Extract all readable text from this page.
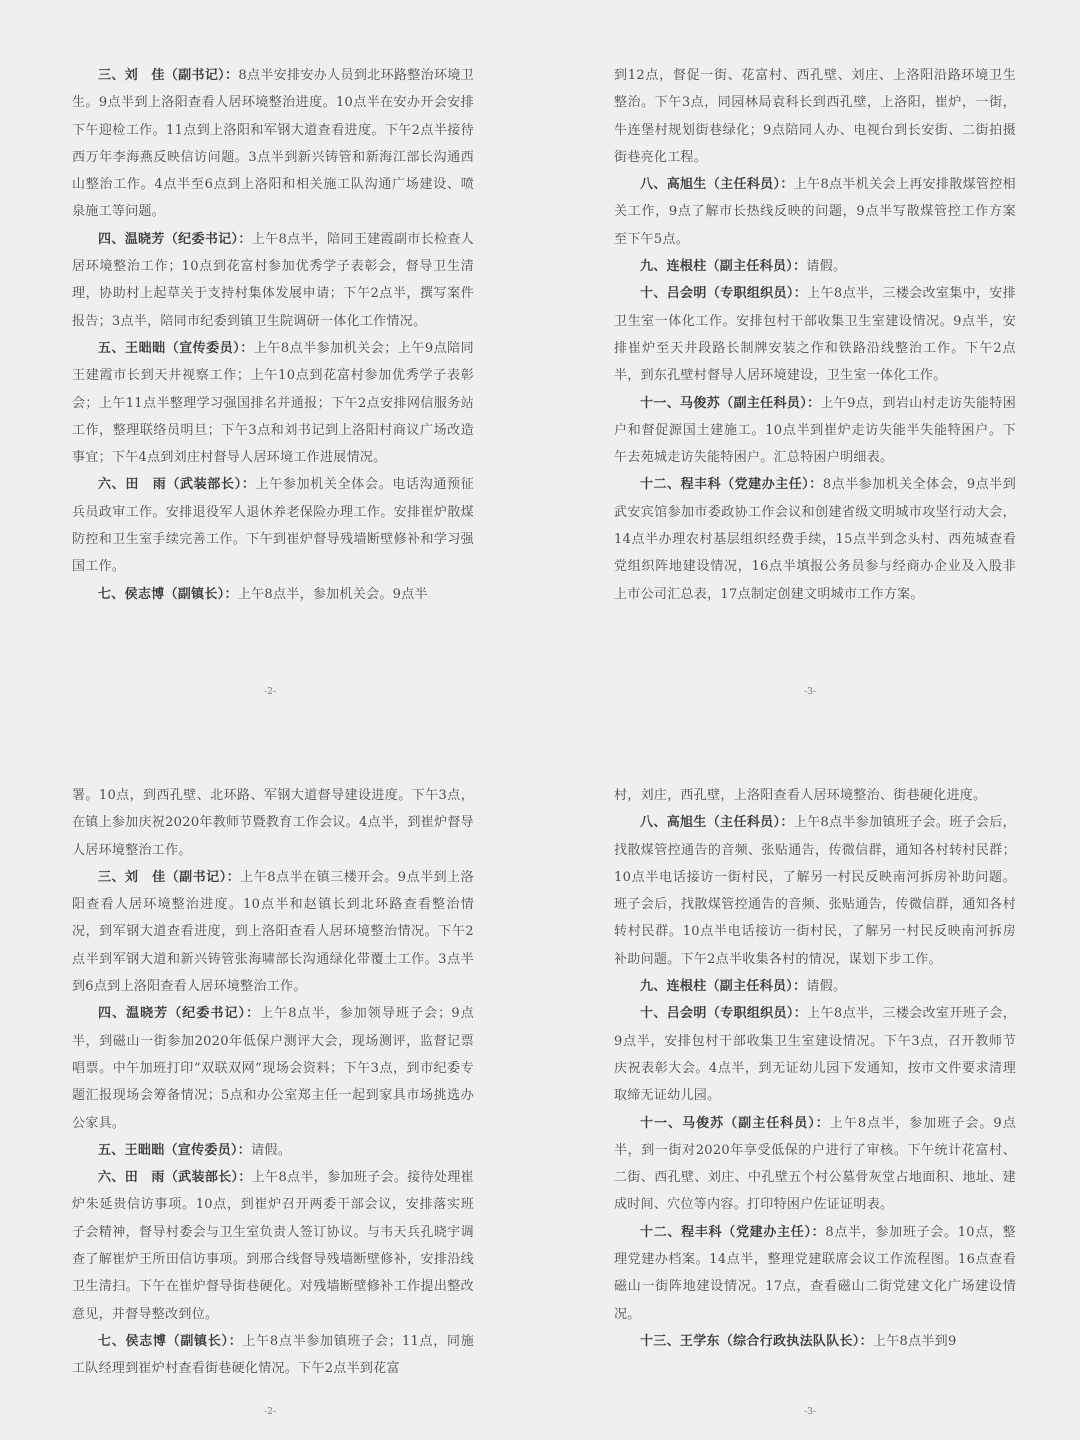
三、刘　佳（副书记）：8点半安排安办人员到北环路整治环境卫生。9点半到上洛阳查看人居环境整治进度。10点半在安办开会安排下午迎检工作。11点到上洛阳和军钢大道查看进度。下午2点半接待西万年李海燕反映信访问题。3点半到新兴铸管和新海江部长沟通西山整治工作。4点半至6点到上洛阳和相关施工队沟通广场建设、喷泉施工等问题。

四、温晓芳（纪委书记）：上午8点半，陪同王建霞副市长检查人居环境整治工作；10点到花富村参加优秀学子表彰会，督导卫生清理，协助村上起草关于支持村集体发展申请；下午2点半，撰写案件报告；3点半，陪同市纪委到镇卫生院调研一体化工作情况。

五、王昢昢（宣传委员）：上午8点半参加机关会；上午9点陪同王建霞市长到天井视察工作；上午10点到花富村参加优秀学子表彰会；上午11点半整理学习强国排名并通报；下午2点安排网信服务站工作，整理联络员明旦；下午3点和刘书记到上洛阳村商议广场改造事宜；下午4点到刘庄村督导人居环境工作进展情况。

六、田　雨（武装部长）：上午参加机关全体会。电话沟通预征兵员政审工作。安排退役军人退休养老保险办理工作。安排崔炉散煤防控和卫生室手续完善工作。下午到崔炉督导残墙断壁修补和学习强国工作。

七、侯志博（副镇长）：上午8点半，参加机关会。9点半

-2-

到12点，督促一街、花富村、西孔壁、刘庄、上洛阳沿路环境卫生整治。下午3点，同园林局袁科长到西孔壁，上洛阳，崔炉，一街，牛连堡村规划街巷绿化；9点陪同人办、电视台到长安街、二街拍摄街巷亮化工程。

八、高旭生（主任科员）：上午8点半机关会上再安排散煤管控相关工作，9点了解市长热线反映的问题，9点半写散煤管控工作方案至下午5点。

九、连根柱（副主任科员）：请假。

十、吕会明（专职组织员）：上午8点半，三楼会改室集中，安排卫生室一体化工作。安排包村干部收集卫生室建设情况。9点半，安排崔炉至天井段路长制牌安装之作和铁路沿线整治工作。下午2点半，到东孔壁村督导人居环境建设，卫生室一体化工作。

十一、马俊苏（副主任科员）：上午9点，到岩山村走访失能特困户和督促源国土建施工。10点半到崔炉走访失能半失能特困户。下午去苑城走访失能特困户。汇总特困户明细表。

十二、程丰科（党建办主任）：8点半参加机关全体会，9点半到武安宾馆参加市委政协工作会议和创建省级文明城市攻坚行动大会，14点半办理农村基层组织经费手续，15点半到念头村、西苑城查看党组织阵地建设情况，16点半填报公务员参与经商办企业及入股非上市公司汇总表，17点制定创建文明城市工作方案。

-3-

署。10点，到西孔壁、北环路、军钢大道督导建设进度。下午3点，在镇上参加庆祝2020年教师节暨教育工作会议。4点半，到崔炉督导人居环境整治工作。

三、刘　佳（副书记）：上午8点半在镇三楼开会。9点半到上洛阳查看人居环境整治进度。10点半和赵镇长到北环路查看整治情况，到军钢大道查看进度，到上洛阳查看人居环境整治情况。下午2点半到军钢大道和新兴铸管张海啸部长沟通绿化带覆土工作。3点半到6点到上洛阳查看人居环境整治工作。

四、温晓芳（纪委书记）：上午8点半，参加领导班子会；9点半，到磁山一街参加2020年低保户测评大会，现场测评，监督记票唱票。中午加班打印“双联双网”现场会资料；下午3点，到市纪委专题汇报现场会筹备情况；5点和办公室郑主任一起到家具市场挑选办公家具。

五、王昢昢（宣传委员）：请假。

六、田　雨（武装部长）：上午8点半，参加班子会。接待处理崔炉朱延贵信访事项。10点，到崔炉召开两委干部会议，安排落实班子会精神，督导村委会与卫生室负责人签订协议。与韦天兵孔晓宇调查了解崔炉王所田信访事项。到邢合线督导残墙断壁修补，安排沿线卫生清扫。下午在崔炉督导街巷硬化。对残墙断壁修补工作提出整改意见，并督导整改到位。

七、侯志博（副镇长）：上午8点半参加镇班子会；11点，同施工队经理到崔炉村查看街巷硬化情况。下午2点半到花富

-2-

村，刘庄，西孔壁，上洛阳查看人居环境整治、街巷硬化进度。

八、高旭生（主任科员）：上午8点半参加镇班子会。班子会后，找散煤管控通告的音频、张贴通告，传微信群，通知各村转村民群；10点半电话接访一街村民，了解另一村民反映南河拆房补助问题。班子会后，找散煤管控通告的音频、张贴通告，传微信群，通知各村转村民群。10点半电话接访一街村民，了解另一村民反映南河拆房补助问题。下午2点半收集各村的情况，谋划下步工作。

九、连根柱（副主任科员）：请假。

十、吕会明（专职组织员）：上午8点半，三楼会改室开班子会，9点半，安排包村干部收集卫生室建设情况。下午3点，召开教师节庆祝表彰大会。4点半，到无证幼儿园下发通知，按市文件要求清理取缔无证幼儿园。

十一、马俊苏（副主任科员）：上午8点半，参加班子会。9点半，到一街对2020年享受低保的户进行了审核。下午统计花富村、二街、西孔壁、刘庄、中孔壁五个村公墓骨灰堂占地面积、地址、建成时间、穴位等内容。打印特困户佐证证明表。

十二、程丰科（党建办主任）：8点半，参加班子会。10点，整理党建办档案。14点半，整理党建联席会议工作流程图。16点查看磁山一街阵地建设情况。17点，查看磁山二街党建文化广场建设情况。

十三、王学东（综合行政执法队队长）：上午8点半到9

-3-
